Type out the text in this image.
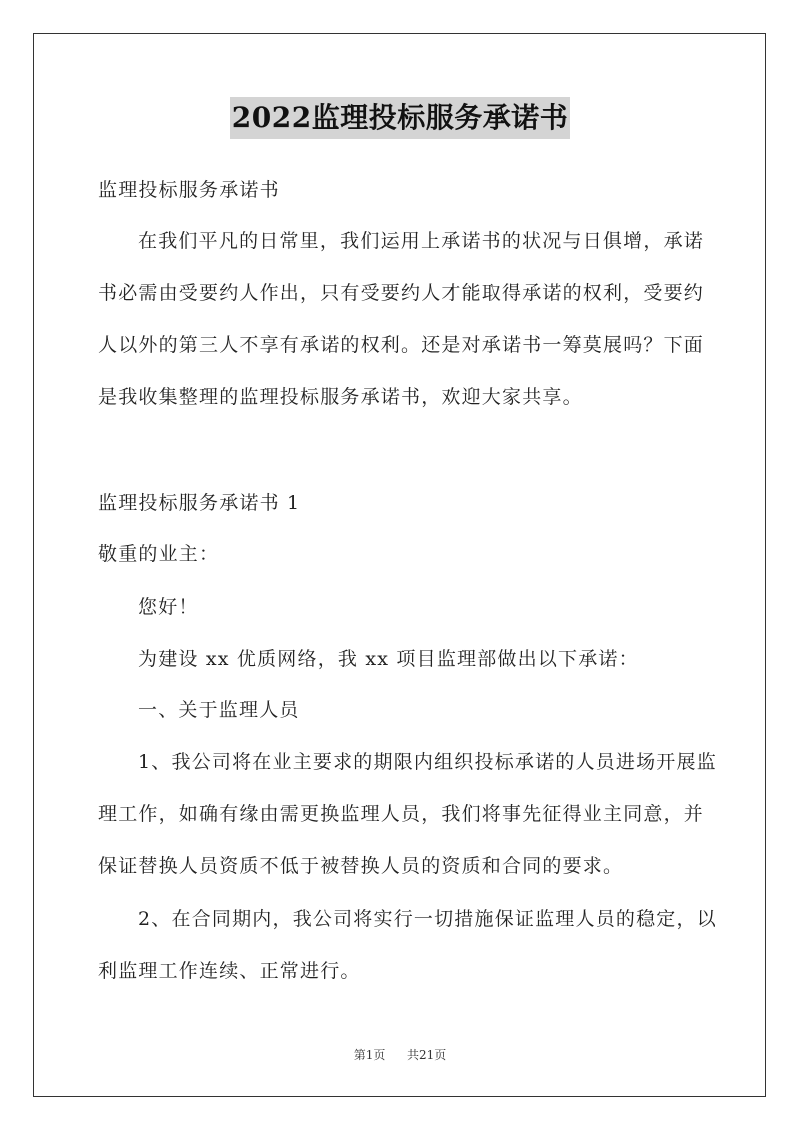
2022监理投标服务承诺书
监理投标服务承诺书
在我们平凡的日常里，我们运用上承诺书的状况与日俱增，承诺
书必需由受要约人作出，只有受要约人才能取得承诺的权利，受要约
人以外的第三人不享有承诺的权利。还是对承诺书一筹莫展吗？下面
是我收集整理的监理投标服务承诺书，欢迎大家共享。
监理投标服务承诺书 1
敬重的业主：
您好！
为建设 xx 优质网络，我 xx 项目监理部做出以下承诺：
一、关于监理人员
1、我公司将在业主要求的期限内组织投标承诺的人员进场开展监
理工作，如确有缘由需更换监理人员，我们将事先征得业主同意，并
保证替换人员资质不低于被替换人员的资质和合同的要求。
2、在合同期内，我公司将实行一切措施保证监理人员的稳定，以
利监理工作连续、正常进行。
第1页 共21页
